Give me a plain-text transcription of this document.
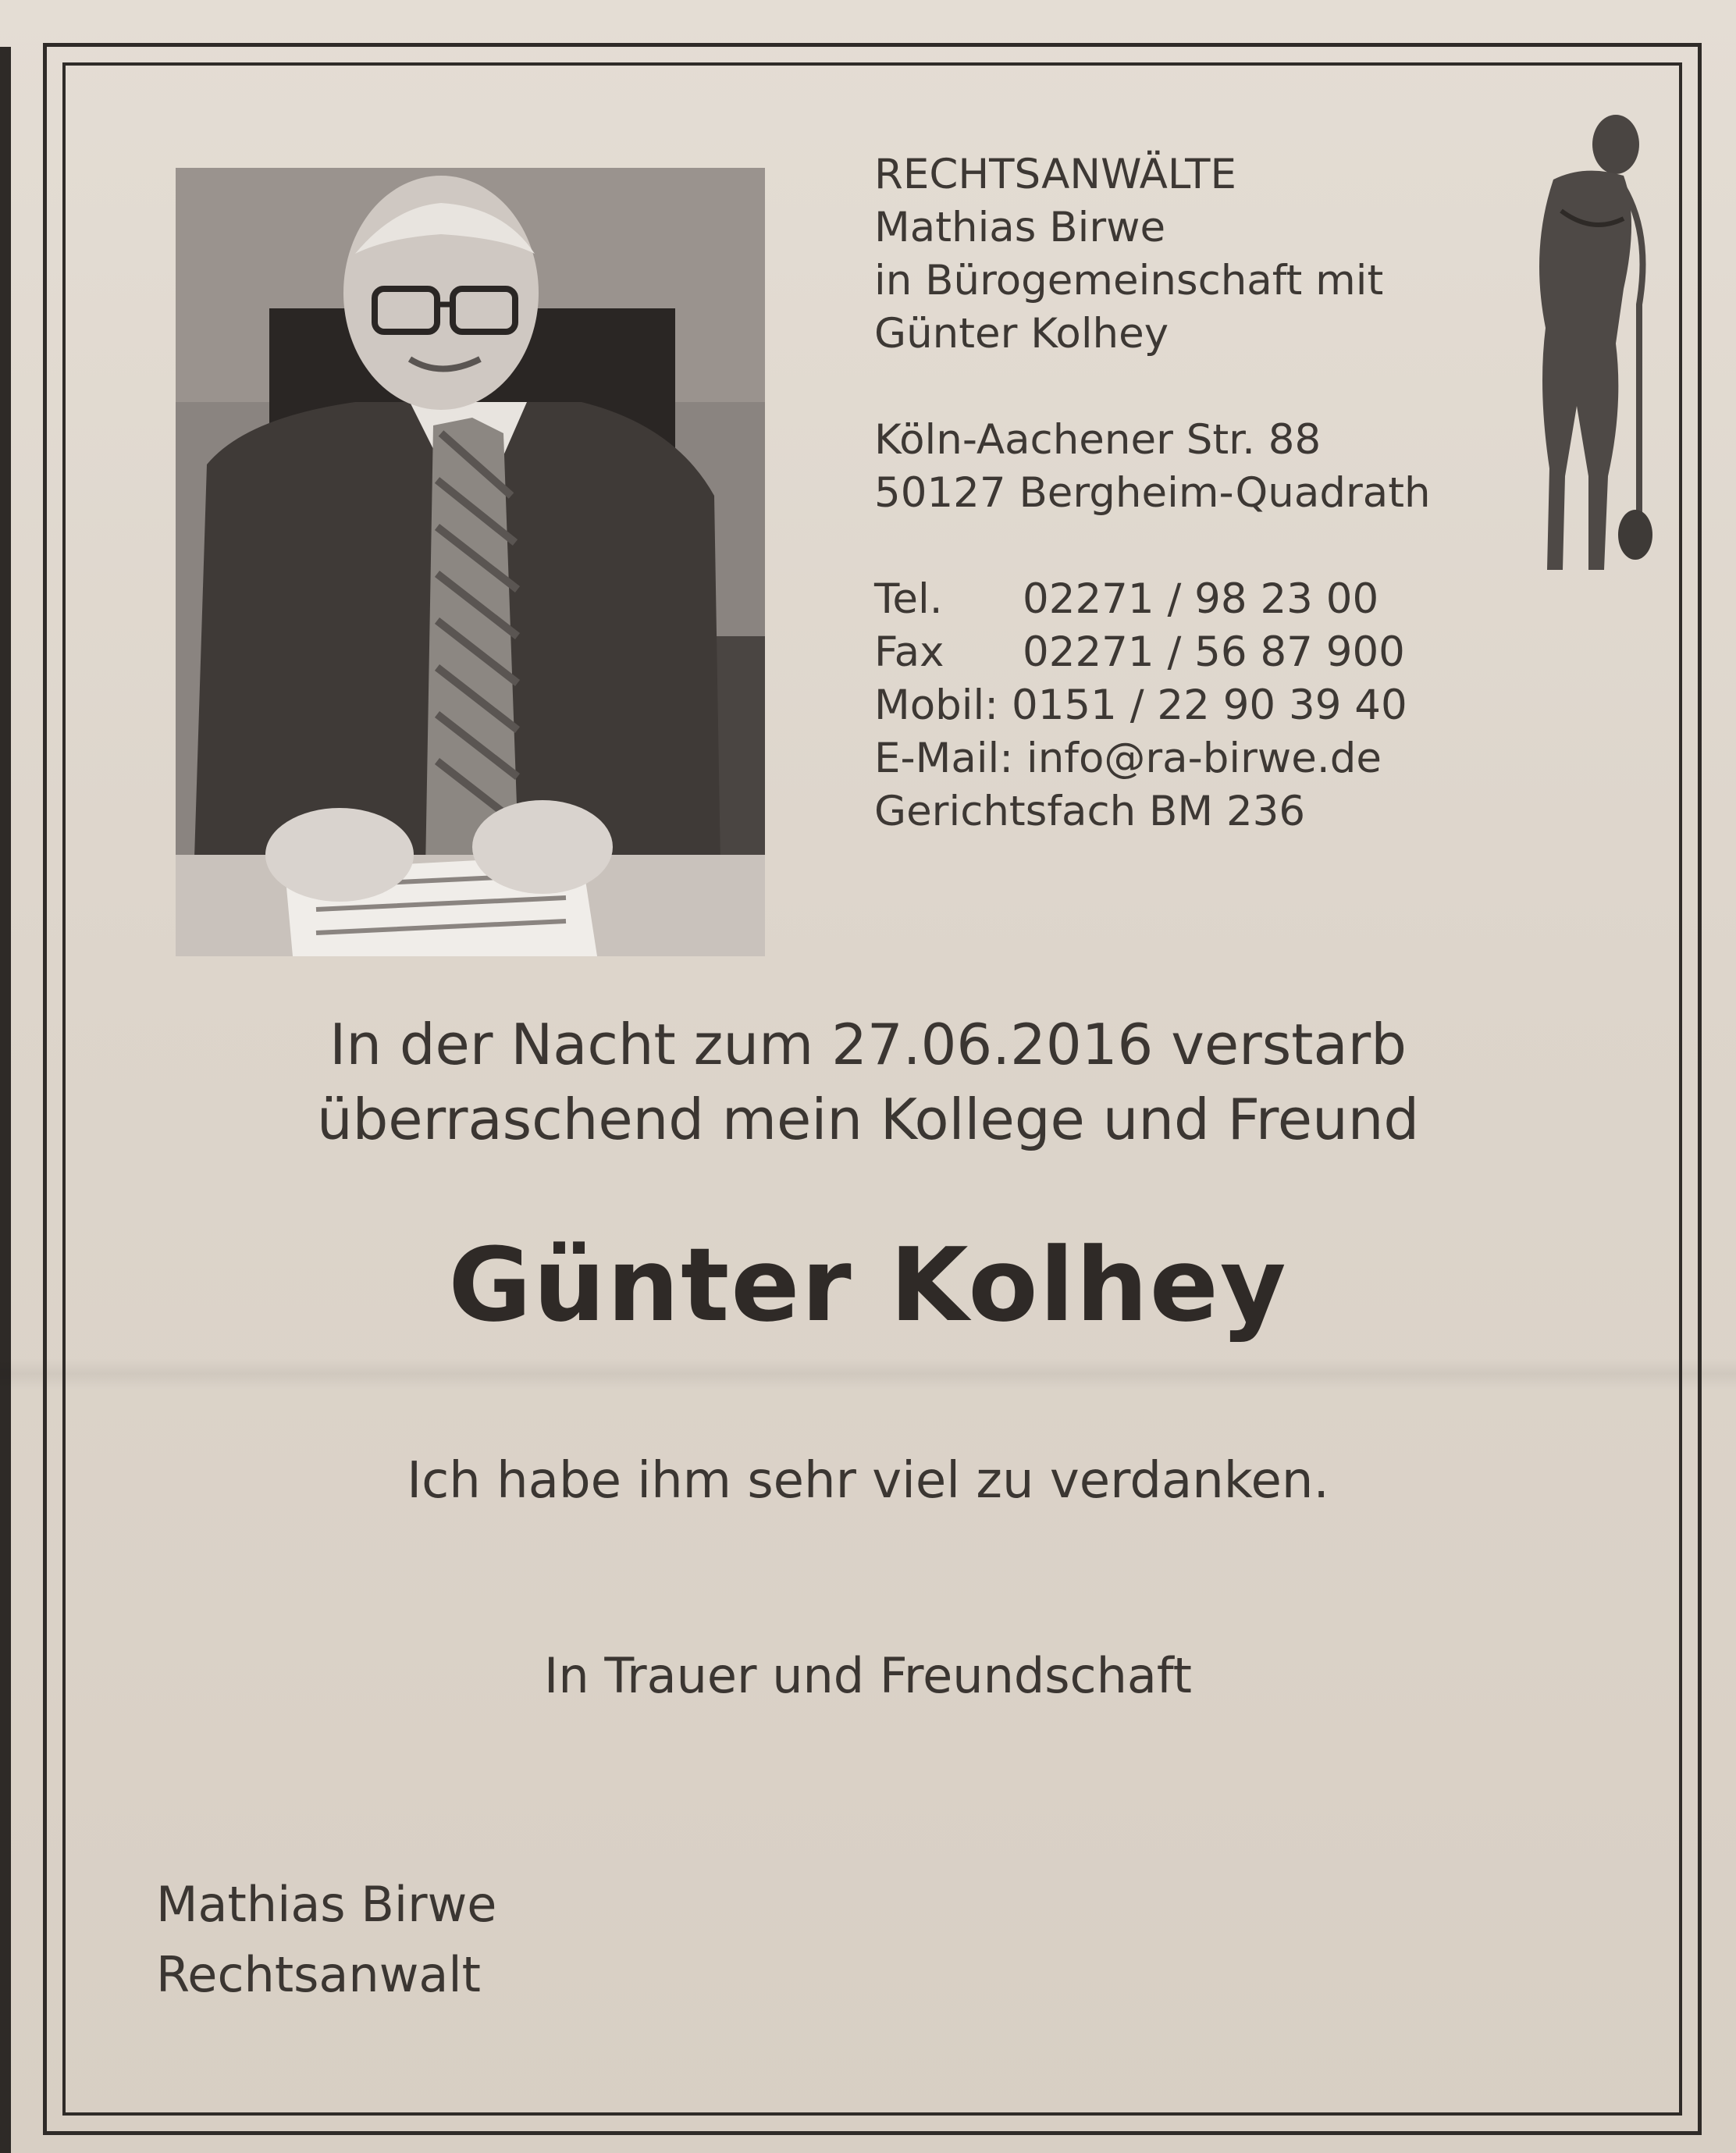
RECHTSANWÄLTE
Mathias Birwe
in Bürogemeinschaft mit
Günter Kolhey
Köln-Aachener Str. 88
50127 Bergheim-Quadrath
Tel. 02271 / 98 23 00
Fax 02271 / 56 87 900
Mobil: 0151 / 22 90 39 40
E-Mail: info@ra-birwe.de
Gerichtsfach BM 236
In der Nacht zum 27.06.2016 verstarb
überraschend mein Kollege und Freund
Günter Kolhey
Ich habe ihm sehr viel zu verdanken.
In Trauer und Freundschaft
Mathias Birwe
Rechtsanwalt
